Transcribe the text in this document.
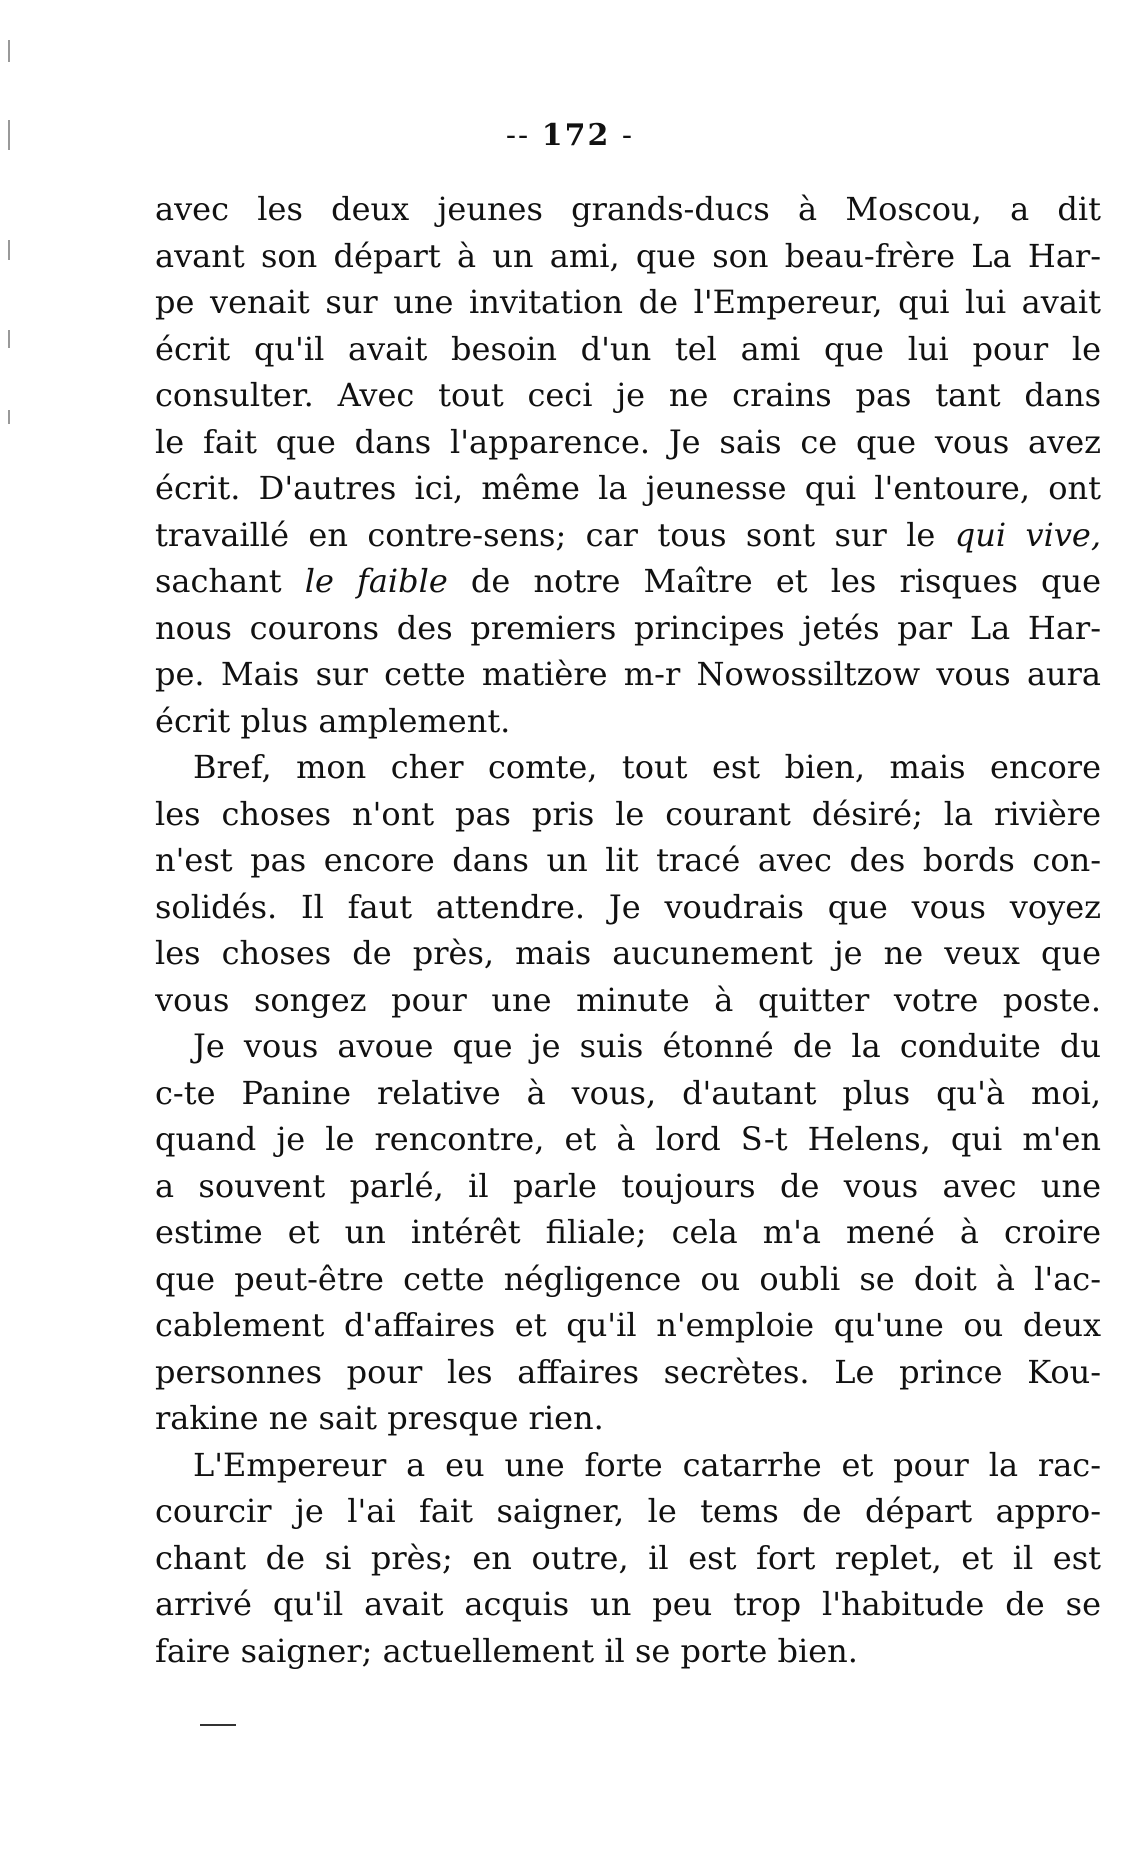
-- 172 -
avec les deux jeunes grands-ducs à Moscou, a dit
avant son départ à un ami, que son beau-frère La Har-
pe venait sur une invitation de l'Empereur, qui lui avait
écrit qu'il avait besoin d'un tel ami que lui pour le
consulter. Avec tout ceci je ne crains pas tant dans
le fait que dans l'apparence. Je sais ce que vous avez
écrit. D'autres ici, même la jeunesse qui l'entoure, ont
travaillé en contre-sens; car tous sont sur le qui vive,
sachant le faible de notre Maître et les risques que
nous courons des premiers principes jetés par La Har-
pe. Mais sur cette matière m-r Nowossiltzow vous aura
écrit plus amplement.
Bref, mon cher comte, tout est bien, mais encore
les choses n'ont pas pris le courant désiré; la rivière
n'est pas encore dans un lit tracé avec des bords con-
solidés. Il faut attendre. Je voudrais que vous voyez
les choses de près, mais aucunement je ne veux que
vous songez pour une minute à quitter votre poste.
Je vous avoue que je suis étonné de la conduite du
c-te Panine relative à vous, d'autant plus qu'à moi,
quand je le rencontre, et à lord S-t Helens, qui m'en
a souvent parlé, il parle toujours de vous avec une
estime et un intérêt filiale; cela m'a mené à croire
que peut-être cette négligence ou oubli se doit à l'ac-
cablement d'affaires et qu'il n'emploie qu'une ou deux
personnes pour les affaires secrètes. Le prince Kou-
rakine ne sait presque rien.
L'Empereur a eu une forte catarrhe et pour la rac-
courcir je l'ai fait saigner, le tems de départ appro-
chant de si près; en outre, il est fort replet, et il est
arrivé qu'il avait acquis un peu trop l'habitude de se
faire saigner; actuellement il se porte bien.
